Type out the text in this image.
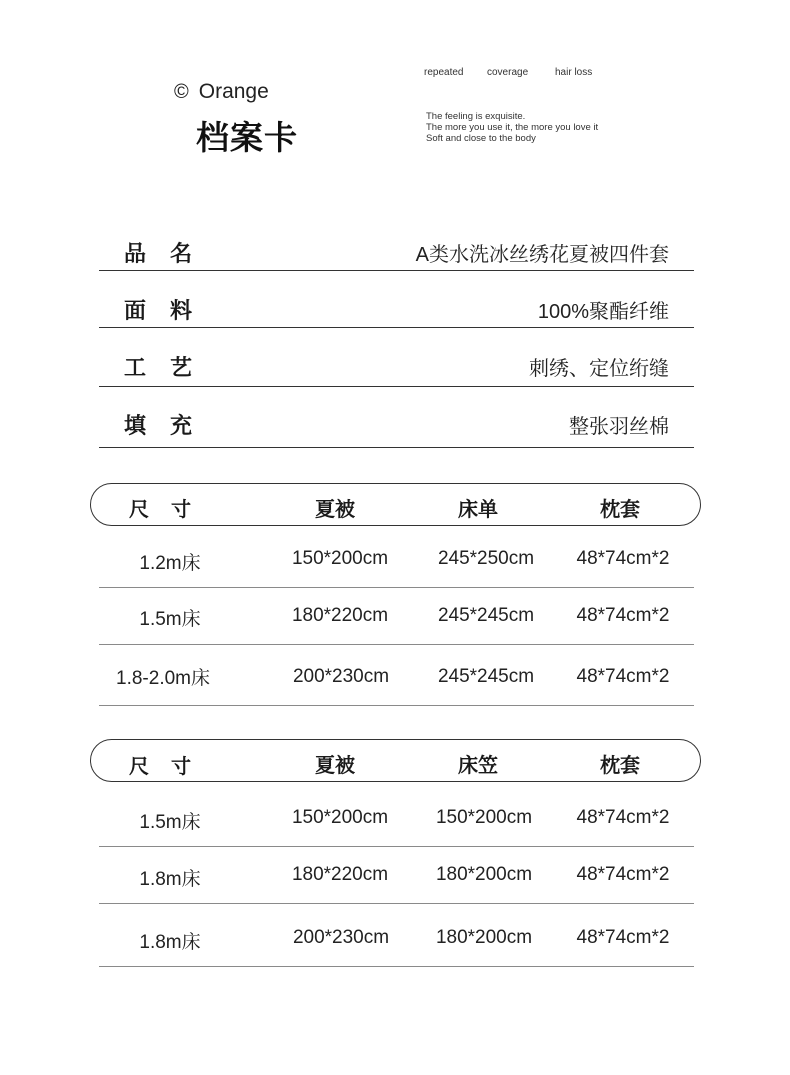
© Orange
档案卡
repeated coverage	hair loss
The feeling is exquisite.
The more you use it, the more you love it
Soft and close to the body
品名	A类水洗冰丝绣花夏被四件套
面料	100%聚酯纤维
工艺	刺绣、定位绗缝
填充	整张羽丝棉
尺寸	夏被	床单	枕套
1.2m床	150*200cm	245*250cm 48*74cm*2
1.5m床	180*220cm	245*245cm 48*74cm*2
1.8-2.0m床	200*230cm	245*245cm 48*74cm*2
尺寸	夏被	床笠	枕套
1.5m床	150*200cm	150*200cm 48*74cm*2
1.8m床	180*220cm	180*200cm 48*74cm*2
1.8m床	200*230cm 180*200cm 48*74cm*2
